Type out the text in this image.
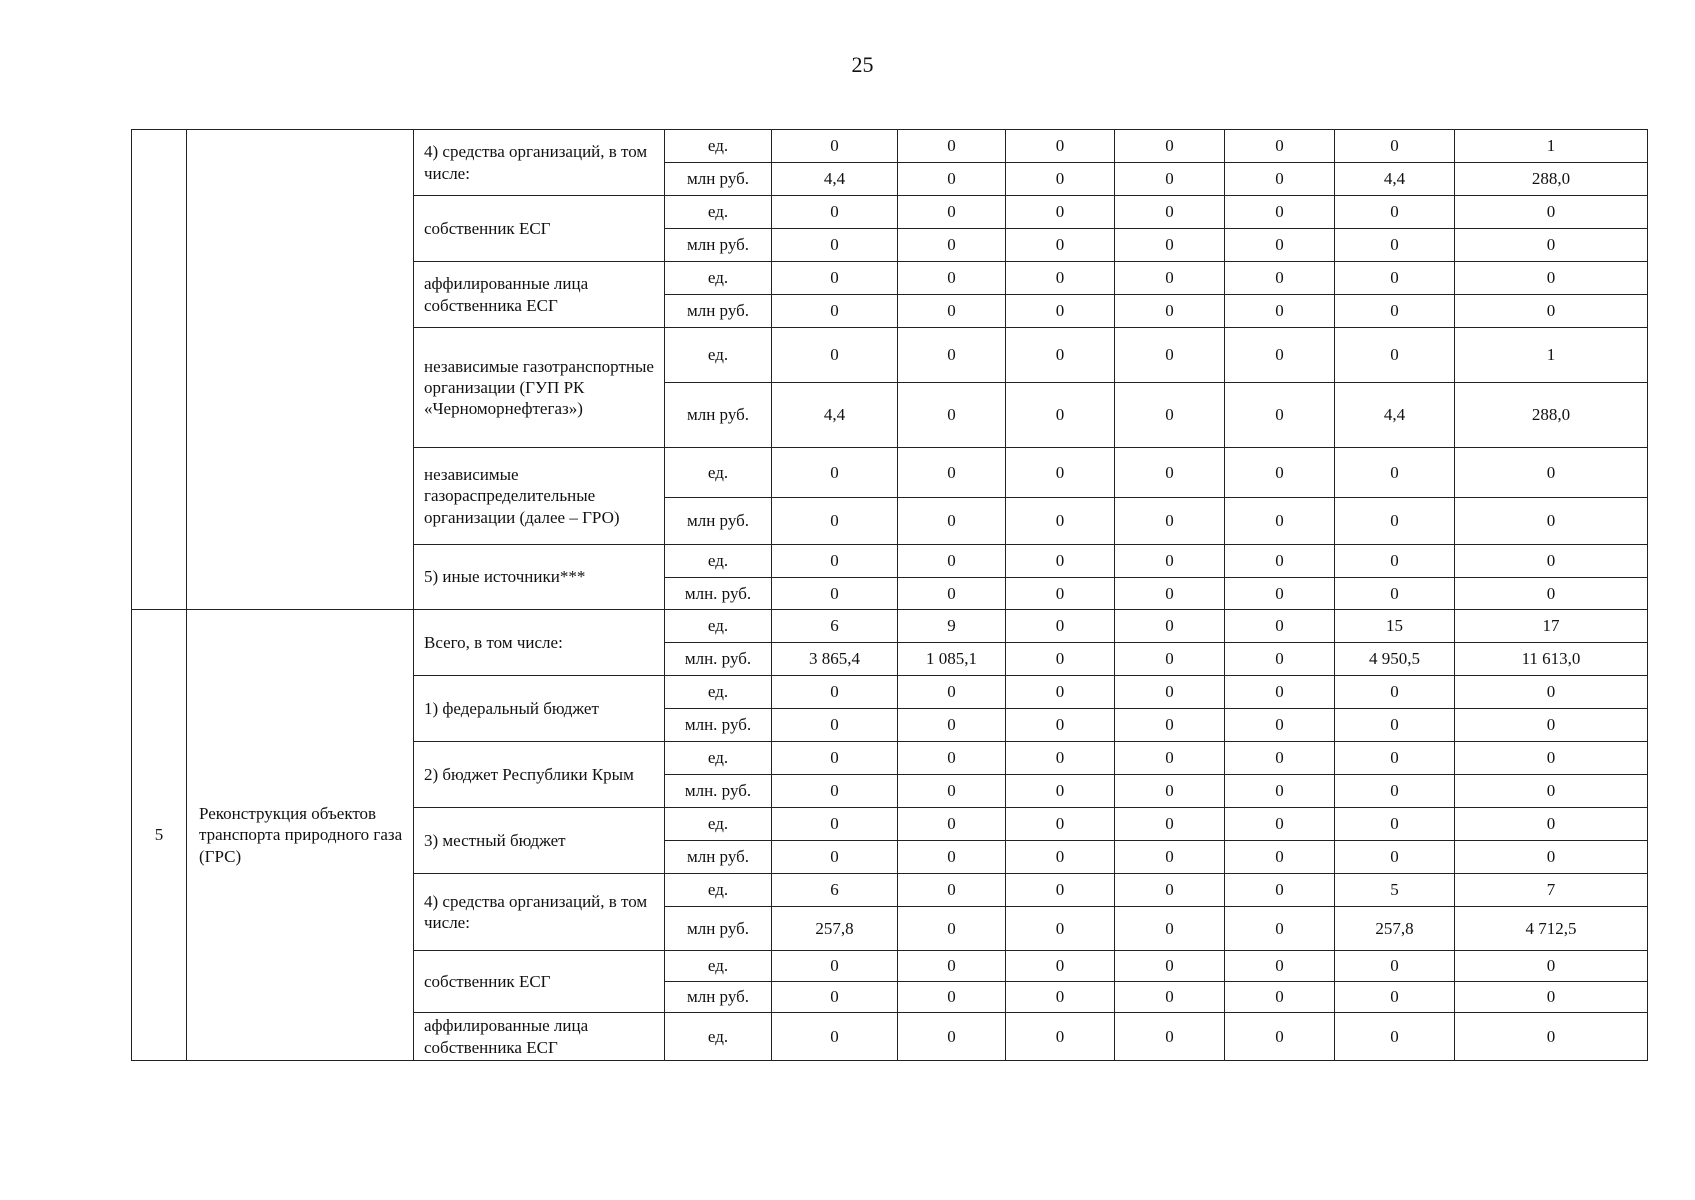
25
		4) средства организаций, в том числе:	ед.	0	0	0	0	0	0	1
			млн руб.	4,4	0	0	0	0	4,4	288,0
		собственник ЕСГ	ед.	0	0	0	0	0	0	0
			млн руб.	0	0	0	0	0	0	0
		аффилированные лица собственника ЕСГ	ед.	0	0	0	0	0	0	0
			млн руб.	0	0	0	0	0	0	0
		независимые газотранспортные организации (ГУП РК «Черноморнефтегаз»)	ед.	0	0	0	0	0	0	1
			млн руб.	4,4	0	0	0	0	4,4	288,0
		независимые газораспределительные организации (далее – ГРО)	ед.	0	0	0	0	0	0	0
			млн руб.	0	0	0	0	0	0	0
		5) иные источники***	ед.	0	0	0	0	0	0	0
			млн. руб.	0	0	0	0	0	0	0
5	Реконструкция объектов транспорта природного газа (ГРС)	Всего, в том числе:	ед.	6	9	0	0	0	15	17
			млн. руб.	3 865,4	1 085,1	0	0	0	4 950,5	11 613,0
		1) федеральный бюджет	ед.	0	0	0	0	0	0	0
			млн. руб.	0	0	0	0	0	0	0
		2) бюджет Республики Крым	ед.	0	0	0	0	0	0	0
			млн. руб.	0	0	0	0	0	0	0
		3) местный бюджет	ед.	0	0	0	0	0	0	0
			млн руб.	0	0	0	0	0	0	0
		4) средства организаций, в том числе:	ед.	6	0	0	0	0	5	7
			млн руб.	257,8	0	0	0	0	257,8	4 712,5
		собственник ЕСГ	ед.	0	0	0	0	0	0	0
			млн руб.	0	0	0	0	0	0	0
		аффилированные лица собственника ЕСГ	ед.	0	0	0	0	0	0	0
